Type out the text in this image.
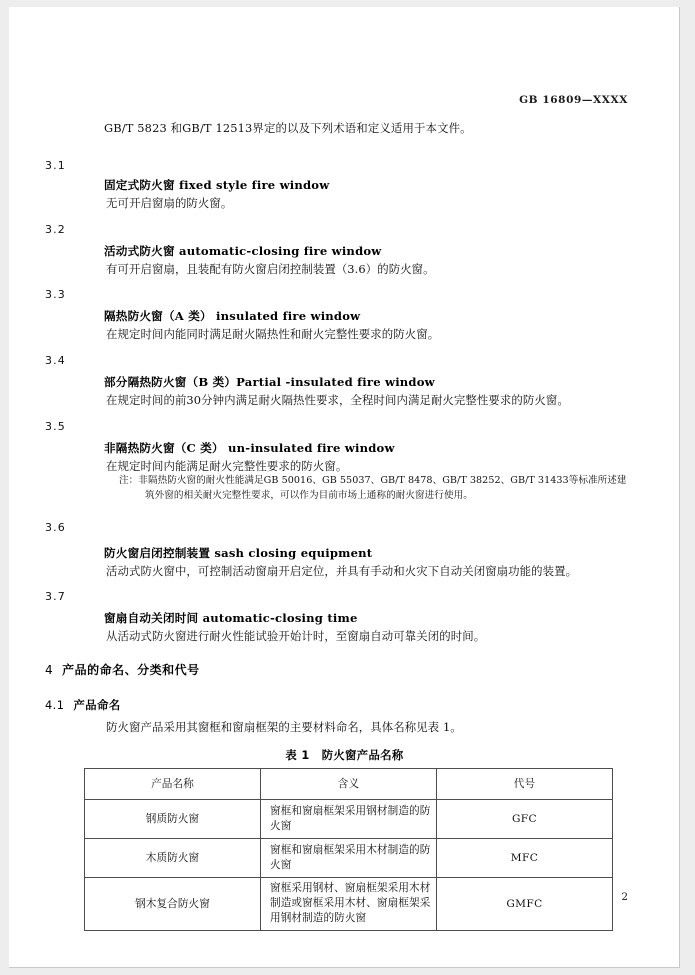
GB 16809—XXXX
GB/T 5823 和GB/T 12513界定的以及下列术语和定义适用于本文件。
3.1
固定式防火窗 fixed style fire window
无可开启窗扇的防火窗。
3.2
活动式防火窗 automatic-closing fire window
有可开启窗扇，且装配有防火窗启闭控制装置（3.6）的防火窗。
3.3
隔热防火窗（A 类） insulated fire window
在规定时间内能同时满足耐火隔热性和耐火完整性要求的防火窗。
3.4
部分隔热防火窗（B 类）Partial -insulated fire window
在规定时间的前30分钟内满足耐火隔热性要求，全程时间内满足耐火完整性要求的防火窗。
3.5
非隔热防火窗（C 类） un-insulated fire window
在规定时间内能满足耐火完整性要求的防火窗。
注：非隔热防火窗的耐火性能满足GB 50016、GB 55037、GB/T 8478、GB/T 38252、GB/T 31433等标准所述建筑外窗的相关耐火完整性要求，可以作为目前市场上通称的耐火窗进行使用。
3.6
防火窗启闭控制装置 sash closing equipment
活动式防火窗中，可控制活动窗扇开启定位，并具有手动和火灾下自动关闭窗扇功能的装置。
3.7
窗扇自动关闭时间 automatic-closing time
从活动式防火窗进行耐火性能试验开始计时，至窗扇自动可靠关闭的时间。
4 产品的命名、分类和代号
4.1 产品命名
防火窗产品采用其窗框和窗扇框架的主要材料命名，具体名称见表 1。
表 1 防火窗产品名称
产品名称	含义	代号
钢质防火窗	窗框和窗扇框架采用钢材制造的防火窗	GFC
木质防火窗	窗框和窗扇框架采用木材制造的防火窗	MFC
钢木复合防火窗	窗框采用钢材、窗扇框架采用木材制造或窗框采用木材、窗扇框架采用钢材制造的防火窗	GMFC
2
